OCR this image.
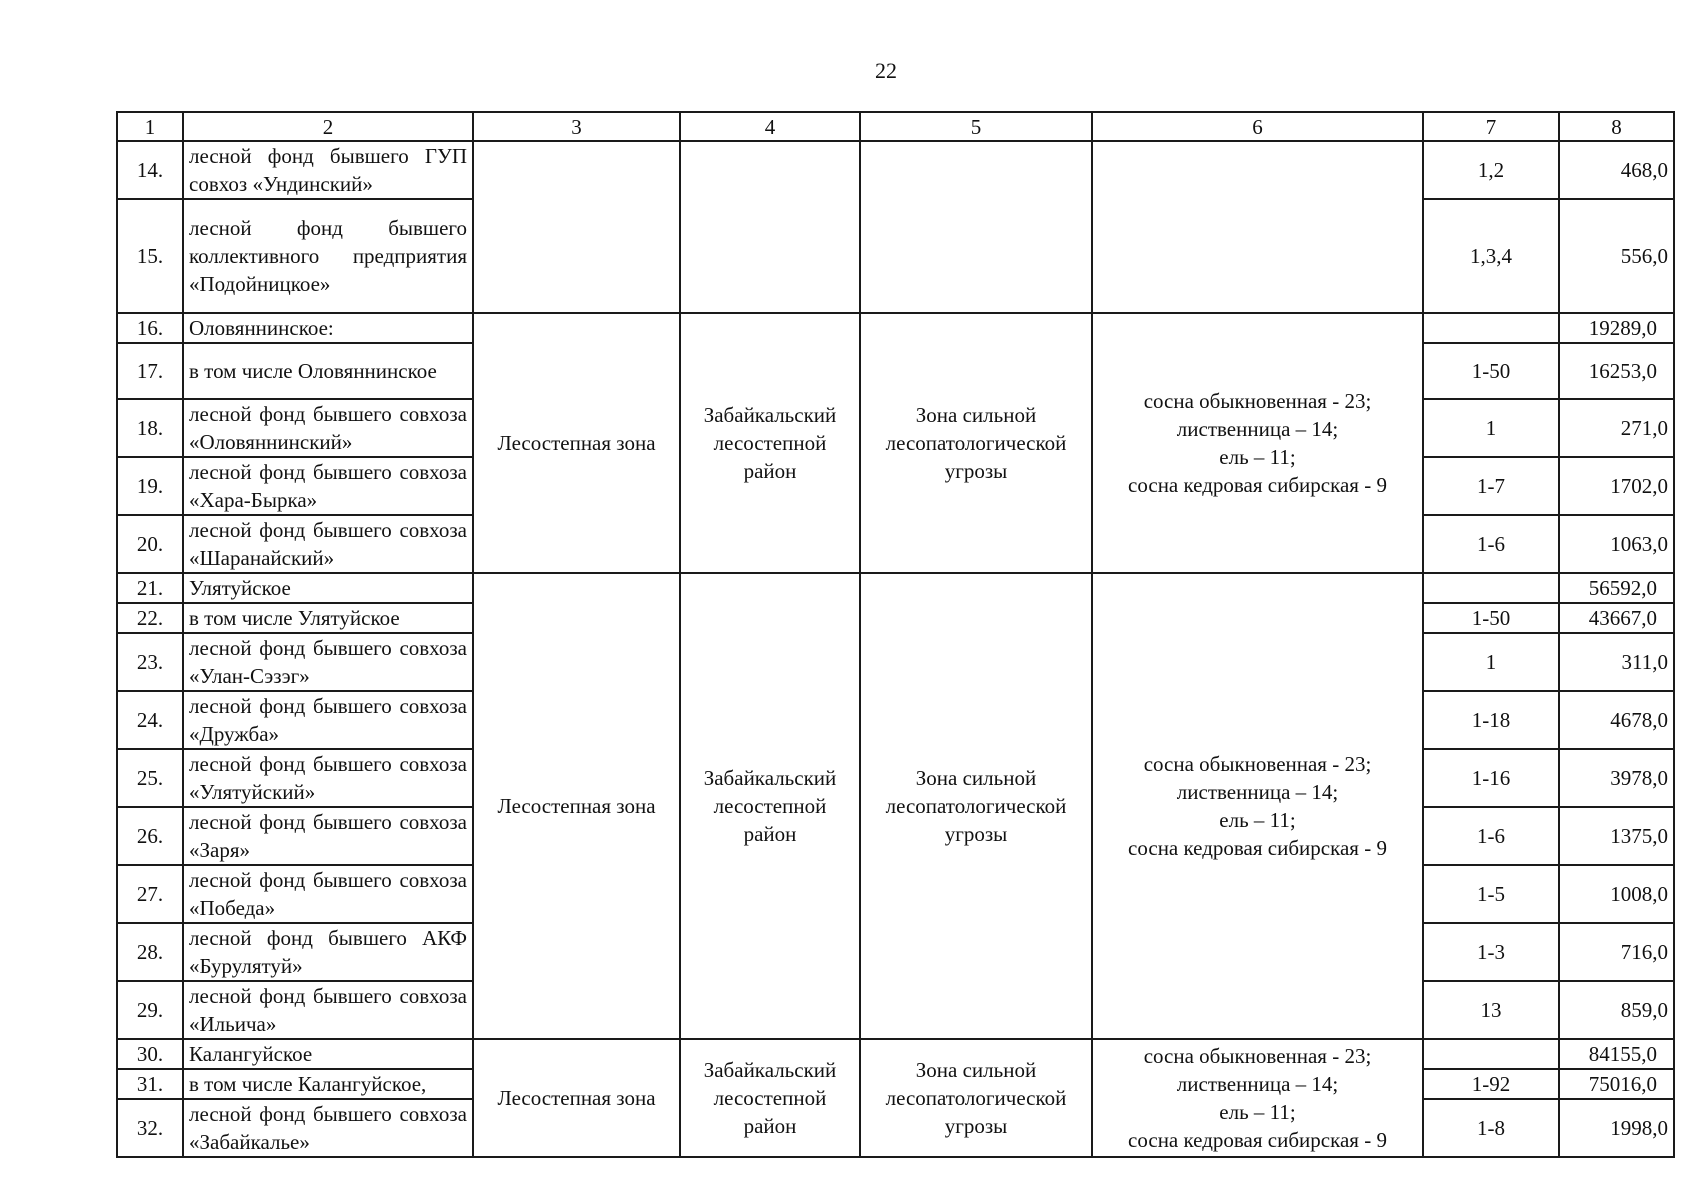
22
1	2	3	4	5	6	7	8
14.	лесной фонд бывшего ГУП совхоз «Ундинский»					1,2	468,0
15.	лесной фонд бывшего коллективного предприятия «Подойницкое»					1,3,4	556,0
16.	Оловяннинское:	Лесостепная зона	Забайкальский
лесостепной
район	Зона сильной
лесопатологической
угрозы	сосна обыкновенная - 23;
лиственница – 14;
ель – 11;
сосна кедровая сибирская - 9		19289,0
17.	в том числе Оловяннинское					1-50	16253,0
18.	лесной фонд бывшего совхоза «Оловяннинский»					1	271,0
19.	лесной фонд бывшего совхоза «Хара-Бырка»					1-7	1702,0
20.	лесной фонд бывшего совхоза «Шаранайский»					1-6	1063,0
21.	Улятуйское	Лесостепная зона	Забайкальский
лесостепной
район	Зона сильной
лесопатологической
угрозы	сосна обыкновенная - 23;
лиственница – 14;
ель – 11;
сосна кедровая сибирская - 9		56592,0
22.	в том числе Улятуйское					1-50	43667,0
23.	лесной фонд бывшего совхоза «Улан-Сэзэг»					1	311,0
24.	лесной фонд бывшего совхоза «Дружба»					1-18	4678,0
25.	лесной фонд бывшего совхоза «Улятуйский»					1-16	3978,0
26.	лесной фонд бывшего совхоза «Заря»					1-6	1375,0
27.	лесной фонд бывшего совхоза «Победа»					1-5	1008,0
28.	лесной фонд бывшего АКФ «Бурулятуй»					1-3	716,0
29.	лесной фонд бывшего совхоза «Ильича»					13	859,0
30.	Калангуйское	Лесостепная зона	Забайкальский
лесостепной
район	Зона сильной
лесопатологической
угрозы	сосна обыкновенная - 23;
лиственница – 14;
ель – 11;
сосна кедровая сибирская - 9		84155,0
31.	в том числе Калангуйское,					1-92	75016,0
32.	лесной фонд бывшего совхоза «Забайкалье»					1-8	1998,0
